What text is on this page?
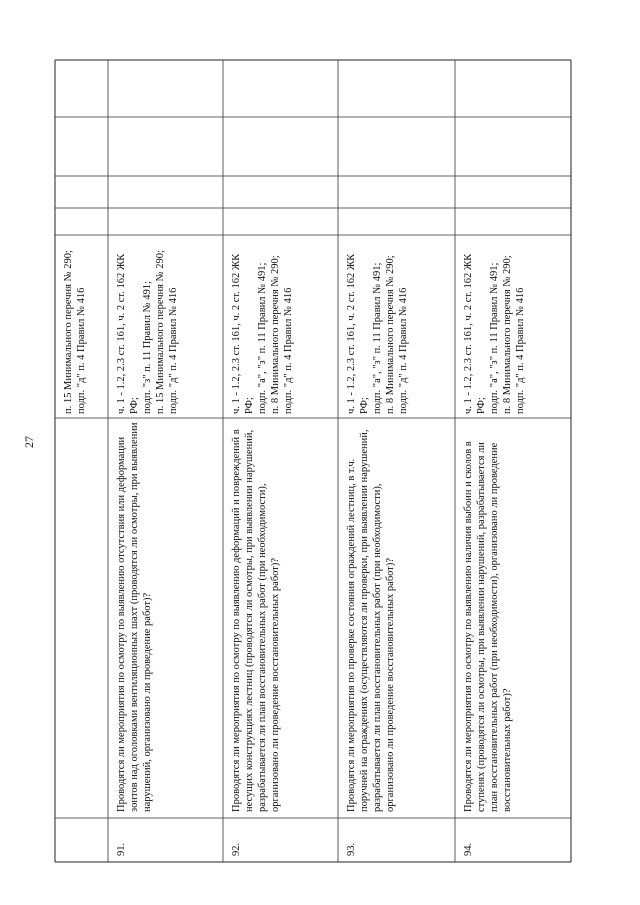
27
п. 15 Минимального перечня № 290;
подп. "д" п. 4 Правил № 416
91.
Проводятся ли мероприятия по осмотру по выявлению отсутствия или деформации зонтов над оголовками вентиляционных шахт (проводятся ли осмотры, при выявлении нарушений, организовано ли проведение работ)?
ч. 1 - 1.2, 2.3 ст. 161, ч. 2 ст. 162 ЖК РФ;
подп. "з" п. 11 Правил № 491;
п. 15 Минимального перечня № 290;
подп. "д" п. 4 Правил № 416
92.
Проводятся ли мероприятия по осмотру по выявлению деформаций и повреждений в несущих конструкциях лестниц (проводятся ли осмотры, при выявлении нарушений, разрабатывается ли план восстановительных работ (при необходимости), организовано ли проведение восстановительных работ)?
ч. 1 - 1.2, 2.3 ст. 161, ч. 2 ст. 162 ЖК РФ;
подп. "а", "з" п. 11 Правил № 491;
п. 8 Минимального перечня № 290;
подп. "д" п. 4 Правил № 416
93.
Проводятся ли мероприятия по проверке состояния ограждений лестниц, в т.ч. поручней на ограждениях (осуществляются ли проверки, при выявлении нарушений, разрабатывается ли план восстановительных работ (при необходимости), организовано ли проведение восстановительных работ)?
ч. 1 - 1.2, 2.3 ст. 161, ч. 2 ст. 162 ЖК РФ;
подп. "а", "з" п. 11 Правил № 491;
п. 8 Минимального перечня № 290;
подп. "д" п. 4 Правил № 416
94.
Проводятся ли мероприятия по осмотру по выявлению наличия выбоин и сколов в ступенях (проводятся ли осмотры, при выявлении нарушений, разрабатывается ли план восстановительных работ (при необходимости), организовано ли проведение восстановительных работ)?
ч. 1 - 1.2, 2.3 ст. 161, ч. 2 ст. 162 ЖК РФ;
подп. "а", "з" п. 11 Правил № 491;
п. 8 Минимального перечня № 290;
подп. "д" п. 4 Правил № 416
